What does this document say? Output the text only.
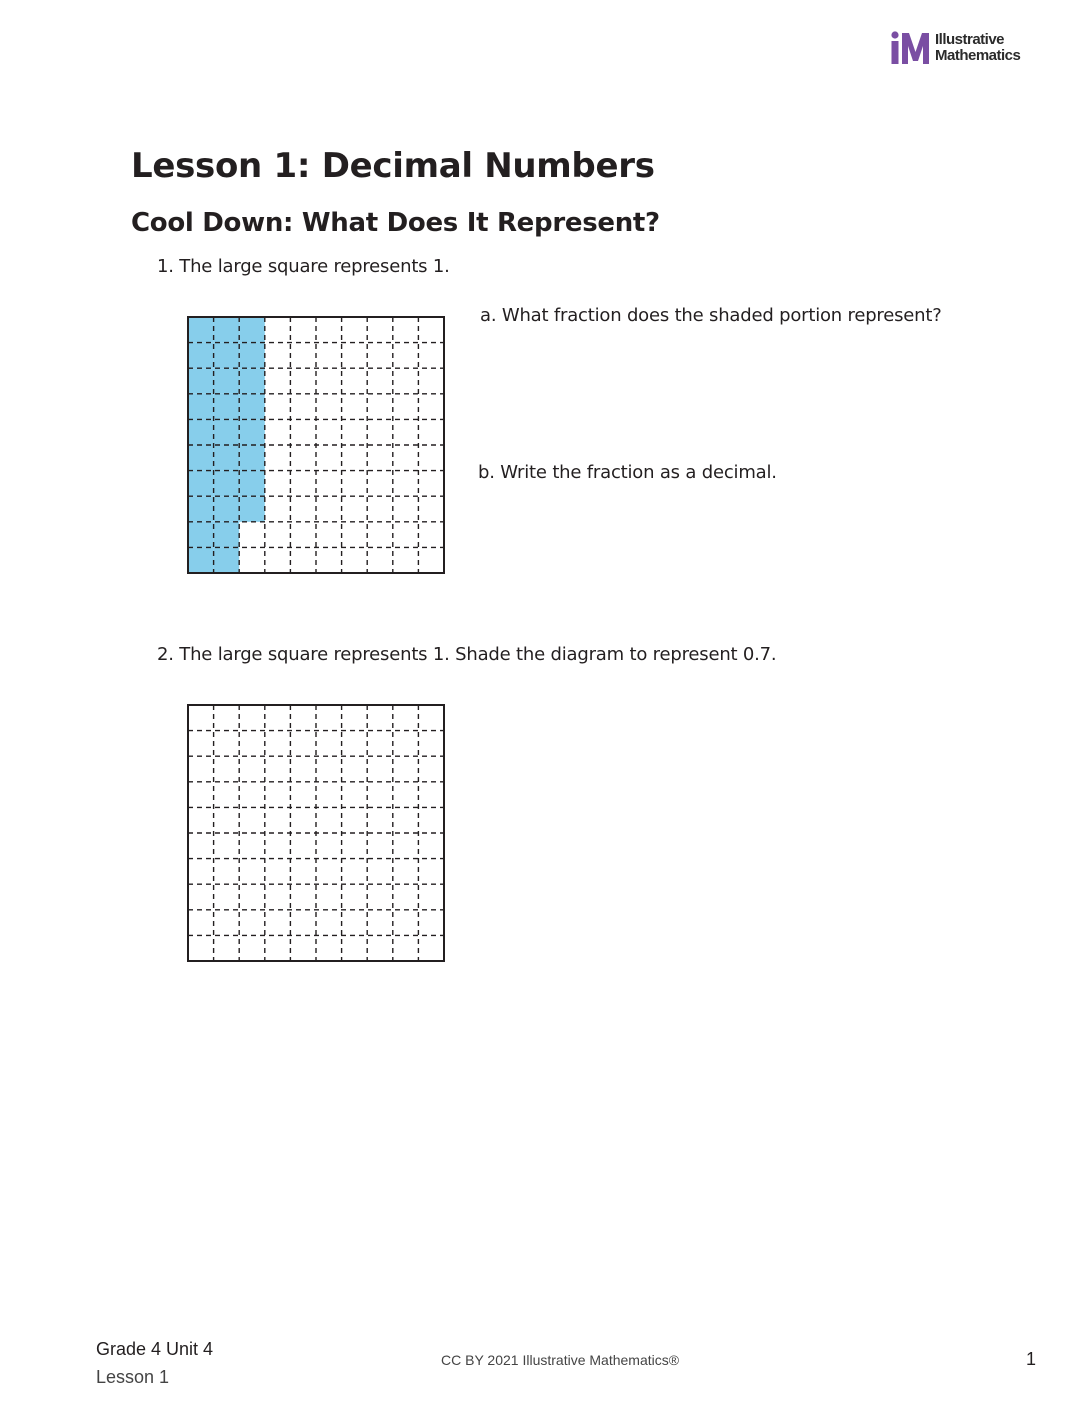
Illustrative
Mathematics
Lesson 1: Decimal Numbers
Cool Down: What Does It Represent?
1. The large square represents 1.
a. What fraction does the shaded portion represent?
b. Write the fraction as a decimal.
2. The large square represents 1. Shade the diagram to represent 0.7.
Grade 4 Unit 4
Lesson 1
CC BY 2021 Illustrative Mathematics®	1
